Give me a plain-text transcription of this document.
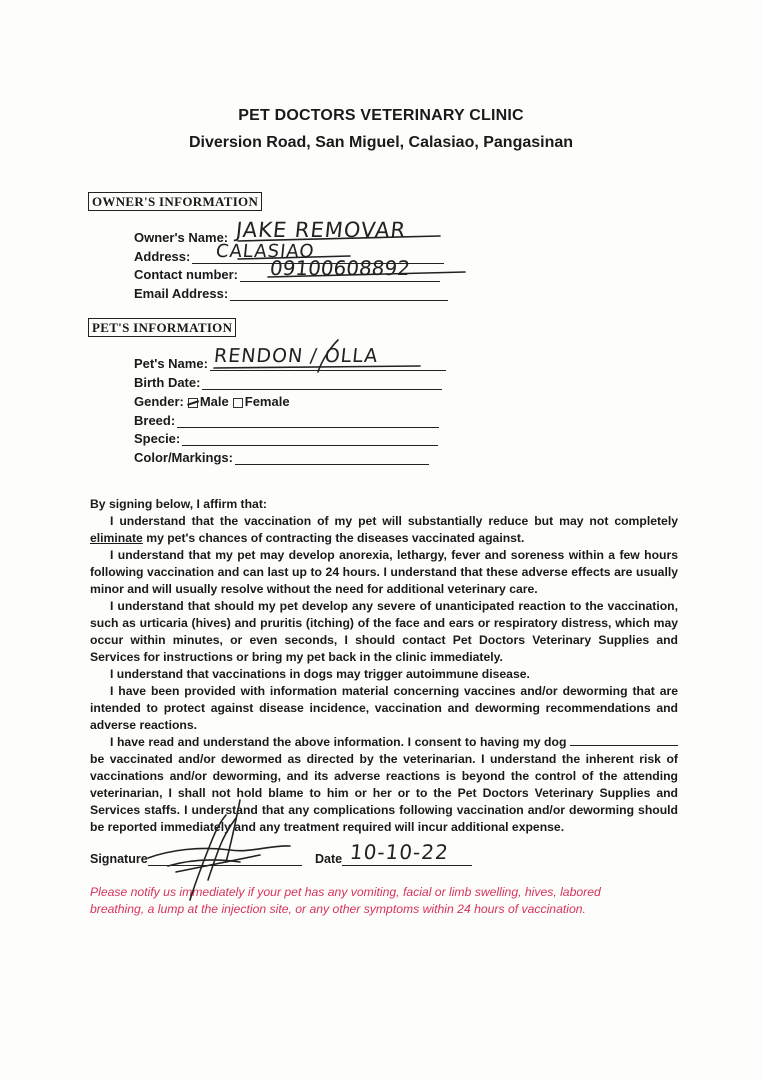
PET DOCTORS VETERINARY CLINIC
Diversion Road, San Miguel, Calasiao, Pangasinan
OWNER'S INFORMATION
Owner's Name:
Address:
Contact number:
Email Address:
JAKE REMOVAR
CALASIAO
09100608892
PET'S INFORMATION
Pet's Name:
Birth Date:
Gender: Male Female
Breed:
Specie:
Color/Markings:
RENDON / OLLA

By signing below, I affirm that:

I understand that the vaccination of my pet will substantially reduce but may not completely eliminate my pet's chances of contracting the diseases vaccinated against.

I understand that my pet may develop anorexia, lethargy, fever and soreness within a few hours following vaccination and can last up to 24 hours. I understand that these adverse effects are usually minor and will usually resolve without the need for additional veterinary care.

I understand that should my pet develop any severe of unanticipated reaction to the vaccination, such as urticaria (hives) and pruritis (itching) of the face and ears or respiratory distress, which may occur within minutes, or even seconds, I should contact Pet Doctors Veterinary Supplies and Services for instructions or bring my pet back in the clinic immediately.

I understand that vaccinations in dogs may trigger autoimmune disease.

I have been provided with information material concerning vaccines and/or deworming that are intended to protect against disease incidence, vaccination and deworming recommendations and adverse reactions.

I have read and understand the above information. I consent to having my dog  be vaccinated and/or dewormed as directed by the veterinarian. I understand the inherent risk of vaccinations and/or deworming, and its adverse reactions is beyond the control of the attending veterinarian, I shall not hold blame to him or her or to the Pet Doctors Veterinary Supplies and Services staffs. I understand that any complications following vaccination and/or deworming should be reported immediately and any treatment required will incur additional expense.

Signature	Date 10-10-22
Please notify us immediately if your pet has any vomiting, facial or limb swelling, hives, labored breathing, a lump at the injection site, or any other symptoms within 24 hours of vaccination.
